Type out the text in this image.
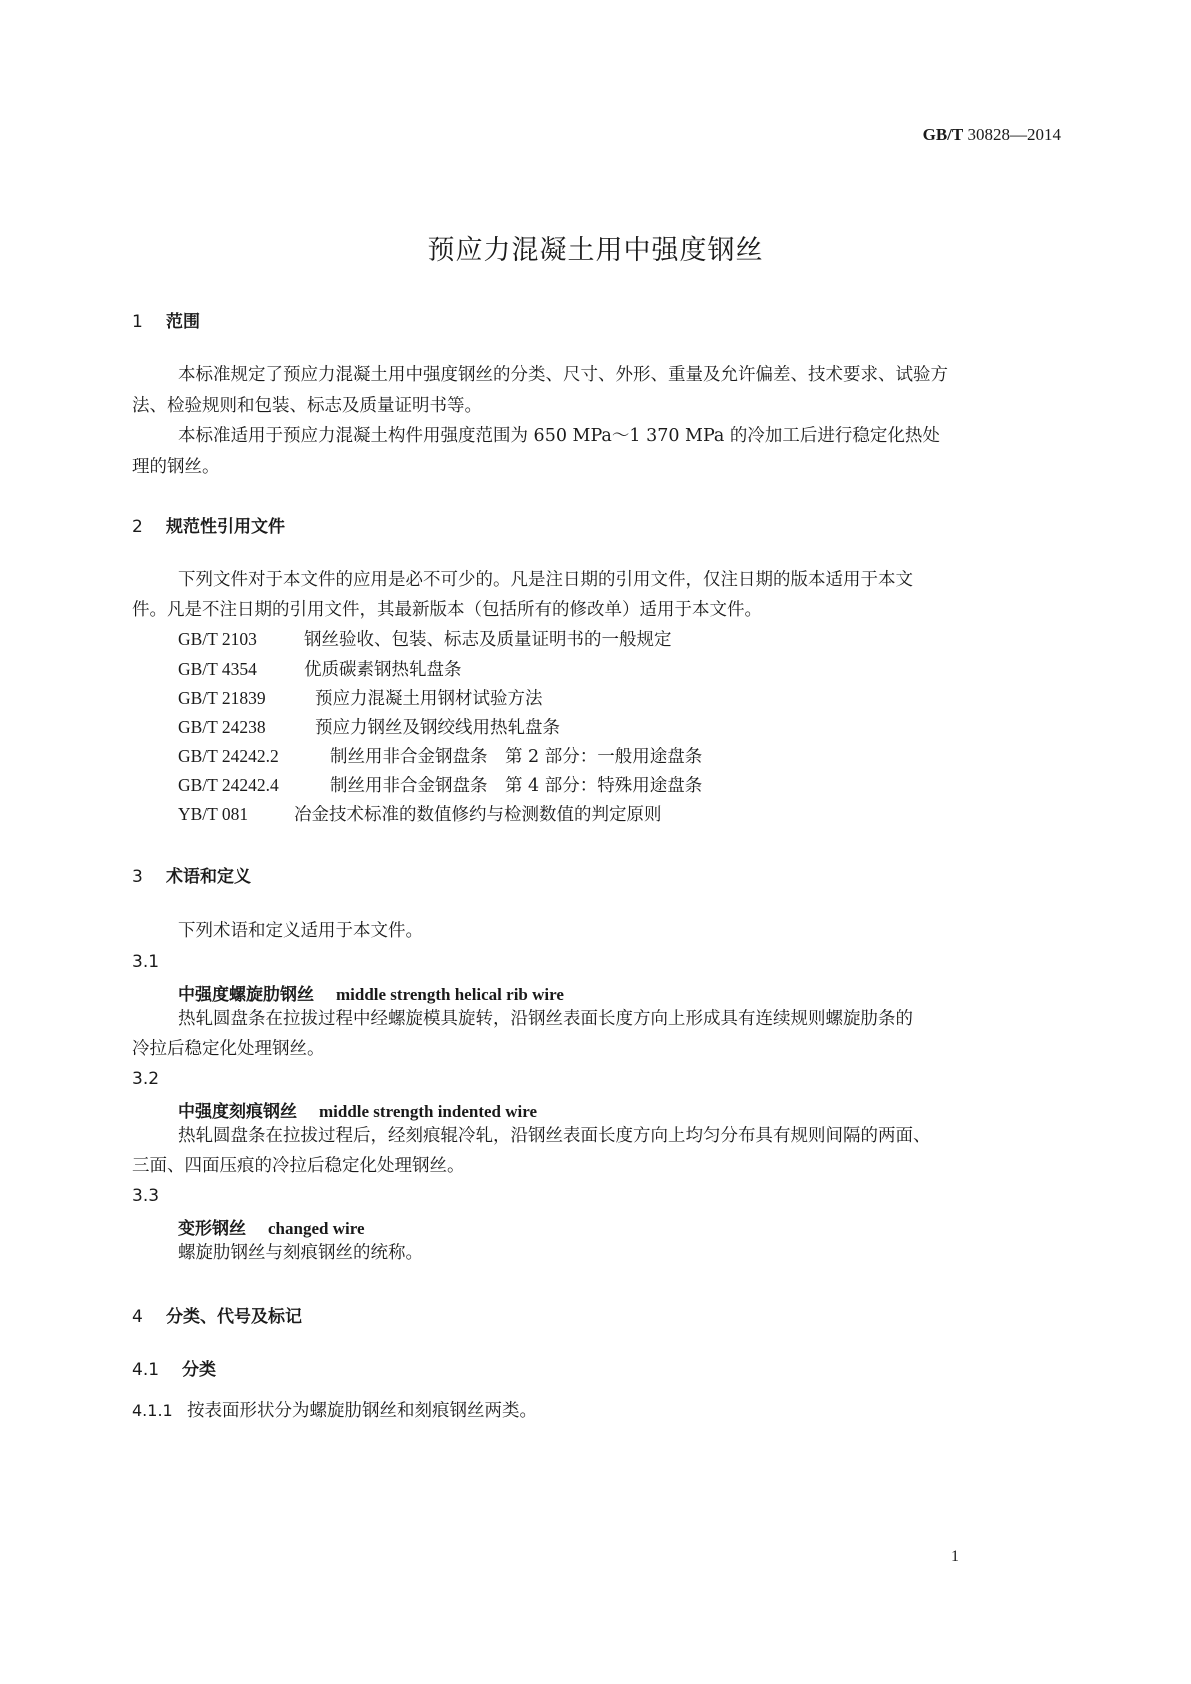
GB/T 30828—2014
预应力混凝土用中强度钢丝
1 范围
本标准规定了预应力混凝土用中强度钢丝的分类、尺寸、外形、重量及允许偏差、技术要求、试验方
法、检验规则和包装、标志及质量证明书等。
本标准适用于预应力混凝土构件用强度范围为 650 MPa～1 370 MPa 的冷加工后进行稳定化热处
理的钢丝。
2 规范性引用文件
下列文件对于本文件的应用是必不可少的。凡是注日期的引用文件，仅注日期的版本适用于本文
件。凡是不注日期的引用文件，其最新版本（包括所有的修改单）适用于本文件。
GB/T 2103	钢丝验收、包装、标志及质量证明书的一般规定
GB/T 4354	优质碳素钢热轧盘条
GB/T 21839	预应力混凝土用钢材试验方法
GB/T 24238	预应力钢丝及钢绞线用热轧盘条
GB/T 24242.2	制丝用非合金钢盘条　第 2 部分：一般用途盘条
GB/T 24242.4	制丝用非合金钢盘条　第 4 部分：特殊用途盘条
YB/T 081	冶金技术标准的数值修约与检测数值的判定原则
3 术语和定义
下列术语和定义适用于本文件。
3.1
中强度螺旋肋钢丝 middle strength helical rib wire
热轧圆盘条在拉拔过程中经螺旋模具旋转，沿钢丝表面长度方向上形成具有连续规则螺旋肋条的
冷拉后稳定化处理钢丝。
3.2
中强度刻痕钢丝 middle strength indented wire
热轧圆盘条在拉拔过程后，经刻痕辊冷轧，沿钢丝表面长度方向上均匀分布具有规则间隔的两面、
三面、四面压痕的冷拉后稳定化处理钢丝。
3.3
变形钢丝 changed wire
螺旋肋钢丝与刻痕钢丝的统称。
4 分类、代号及标记
4.1 分类
4.1.1 按表面形状分为螺旋肋钢丝和刻痕钢丝两类。
1
